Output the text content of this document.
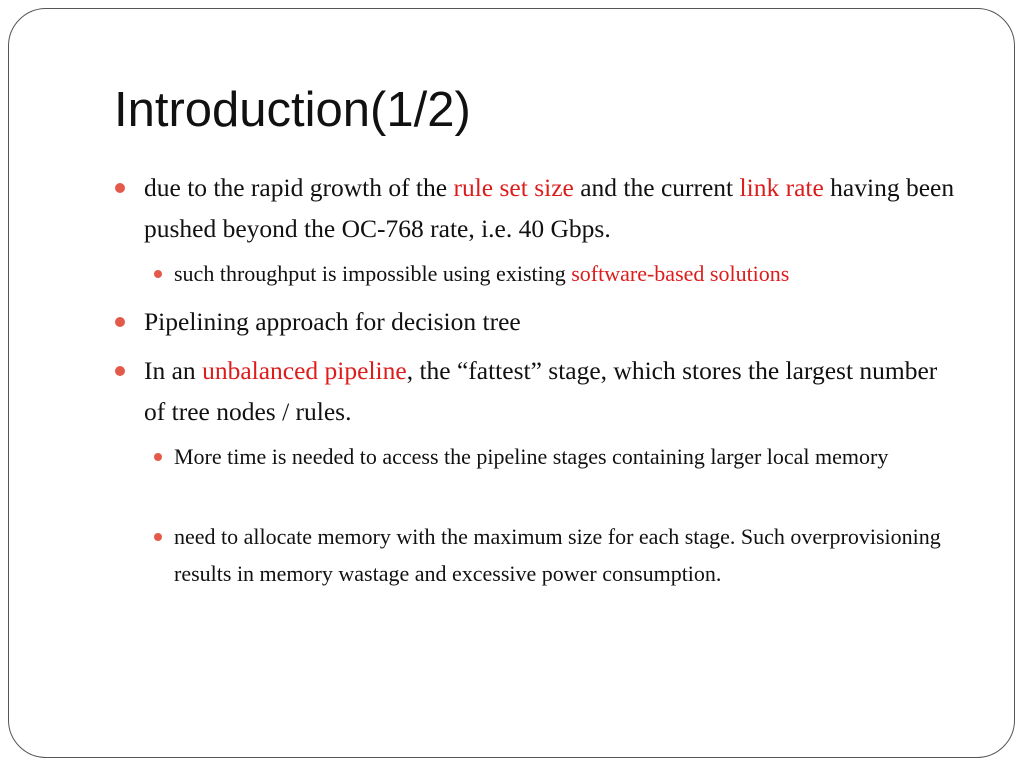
Introduction(1/2)

due to the rapid growth of the rule set size and the current link rate having been pushed beyond the OC-768 rate, i.e. 40 Gbps.

such throughput is impossible using existing software-based solutions

Pipelining approach for decision tree

In an unbalanced pipeline, the “fattest” stage, which stores the largest number of tree nodes / rules.

More time is needed to access the pipeline stages containing larger local memory

need to allocate memory with the maximum size for each stage. Such overprovisioning  results in memory wastage and excessive power consumption.
